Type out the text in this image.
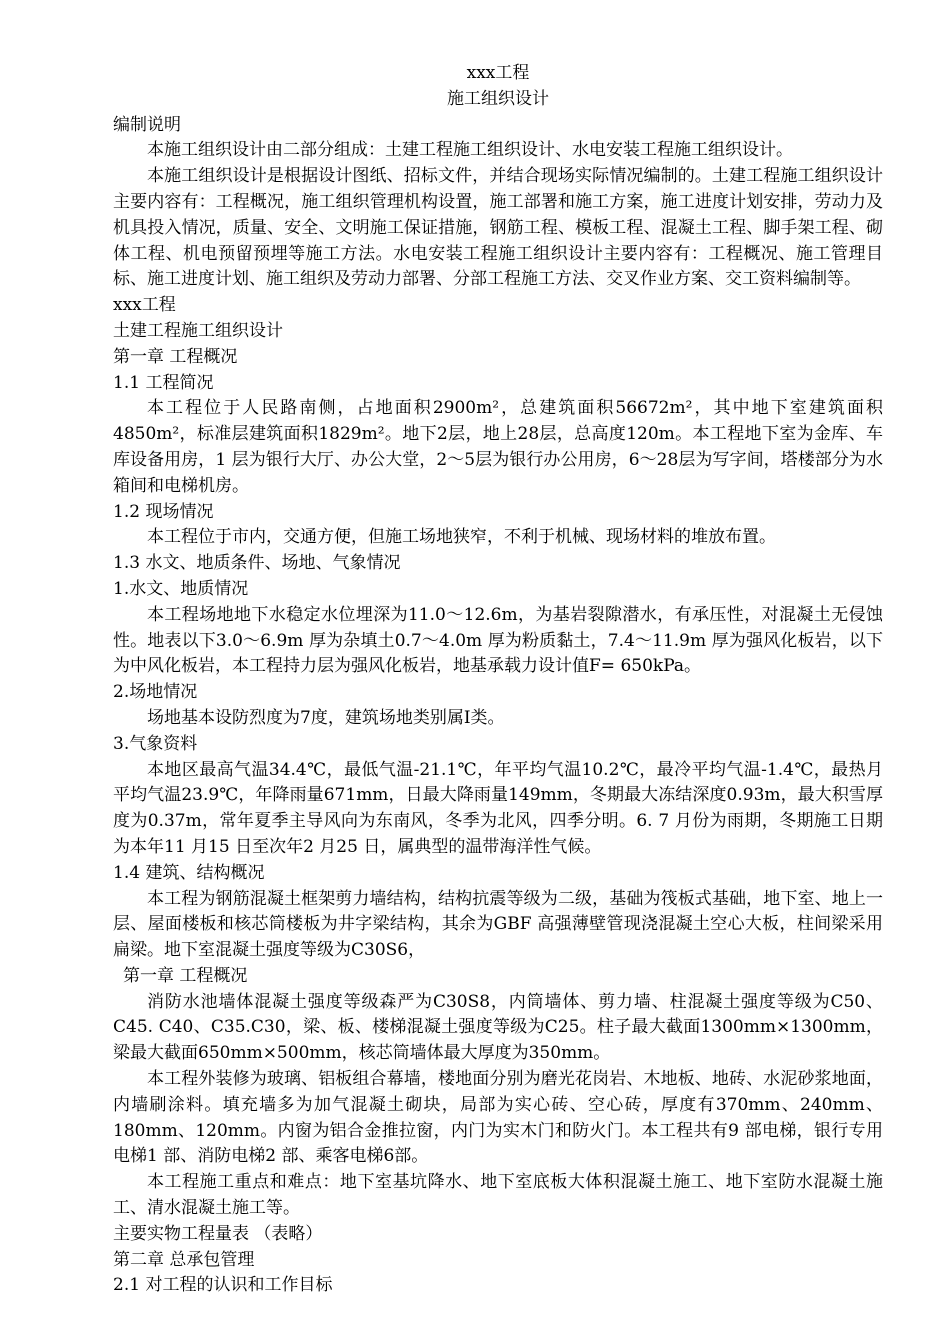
xxx工程

施工组织设计

编制说明

本施工组织设计由二部分组成：土建工程施工组织设计、水电安装工程施工组织设计。

本施工组织设计是根据设计图纸、招标文件，并结合现场实际情况编制的。土建工程施工组织设计主要内容有：工程概况，施工组织管理机构设置，施工部署和施工方案，施工进度计划安排，劳动力及机具投入情况，质量、安全、文明施工保证措施，钢筋工程、模板工程、混凝土工程、脚手架工程、砌体工程、机电预留预埋等施工方法。水电安装工程施工组织设计主要内容有：工程概况、施工管理目标、施工进度计划、施工组织及劳动力部署、分部工程施工方法、交叉作业方案、交工资料编制等。

xxx工程

土建工程施工组织设计

第一章 工程概况

1.1 工程简况

本工程位于人民路南侧，占地面积2900m²，总建筑面积56672m²，其中地下室建筑面积4850m²，标准层建筑面积1829m²。地下2层，地上28层，总高度120m。本工程地下室为金库、车库设备用房，1 层为银行大厅、办公大堂，2～5层为银行办公用房，6～28层为写字间，塔楼部分为水箱间和电梯机房。

1.2 现场情况

本工程位于市内，交通方便，但施工场地狭窄，不利于机械、现场材料的堆放布置。

1.3 水文、地质条件、场地、气象情况

1.水文、地质情况

本工程场地地下水稳定水位埋深为11.0～12.6m，为基岩裂隙潜水，有承压性，对混凝土无侵蚀性。地表以下3.0～6.9m 厚为杂填土0.7～4.0m 厚为粉质黏土，7.4～11.9m 厚为强风化板岩，以下为中风化板岩，本工程持力层为强风化板岩，地基承载力设计值F= 650kPa。

2.场地情况

场地基本设防烈度为7度，建筑场地类别属Ⅰ类。

3.气象资料

本地区最高气温34.4℃，最低气温-21.1℃，年平均气温10.2℃，最冷平均气温-1.4℃，最热月平均气温23.9℃，年降雨量671mm，日最大降雨量149mm，冬期最大冻结深度0.93m，最大积雪厚度为0.37m，常年夏季主导风向为东南风，冬季为北风，四季分明。6. 7 月份为雨期，冬期施工日期为本年11 月15 日至次年2 月25 日，属典型的温带海洋性气候。

1.4 建筑、结构概况

本工程为钢筋混凝土框架剪力墙结构，结构抗震等级为二级，基础为筏板式基础，地下室、地上一层、屋面楼板和核芯筒楼板为井字梁结构，其余为GBF 高强薄壁管现浇混凝土空心大板，柱间梁采用扁梁。地下室混凝土强度等级为C30S6，

第一章 工程概况

消防水池墙体混凝土强度等级森严为C30S8，内筒墙体、剪力墙、柱混凝土强度等级为C50、C45. C40、C35.C30，梁、板、楼梯混凝土强度等级为C25。柱子最大截面1300mm×1300mm，梁最大截面650mm×500mm，核芯筒墙体最大厚度为350mm。

本工程外装修为玻璃、铝板组合幕墙，楼地面分别为磨光花岗岩、木地板、地砖、水泥砂浆地面，内墙刷涂料。填充墙多为加气混凝土砌块，局部为实心砖、空心砖，厚度有370mm、240mm、180mm、120mm。内窗为铝合金推拉窗，内门为实木门和防火门。本工程共有9 部电梯，银行专用电梯1 部、消防电梯2 部、乘客电梯6部。

本工程施工重点和难点：地下室基坑降水、地下室底板大体积混凝土施工、地下室防水混凝土施工、清水混凝土施工等。

主要实物工程量表 （表略）

第二章 总承包管理

2.1 对工程的认识和工作目标
